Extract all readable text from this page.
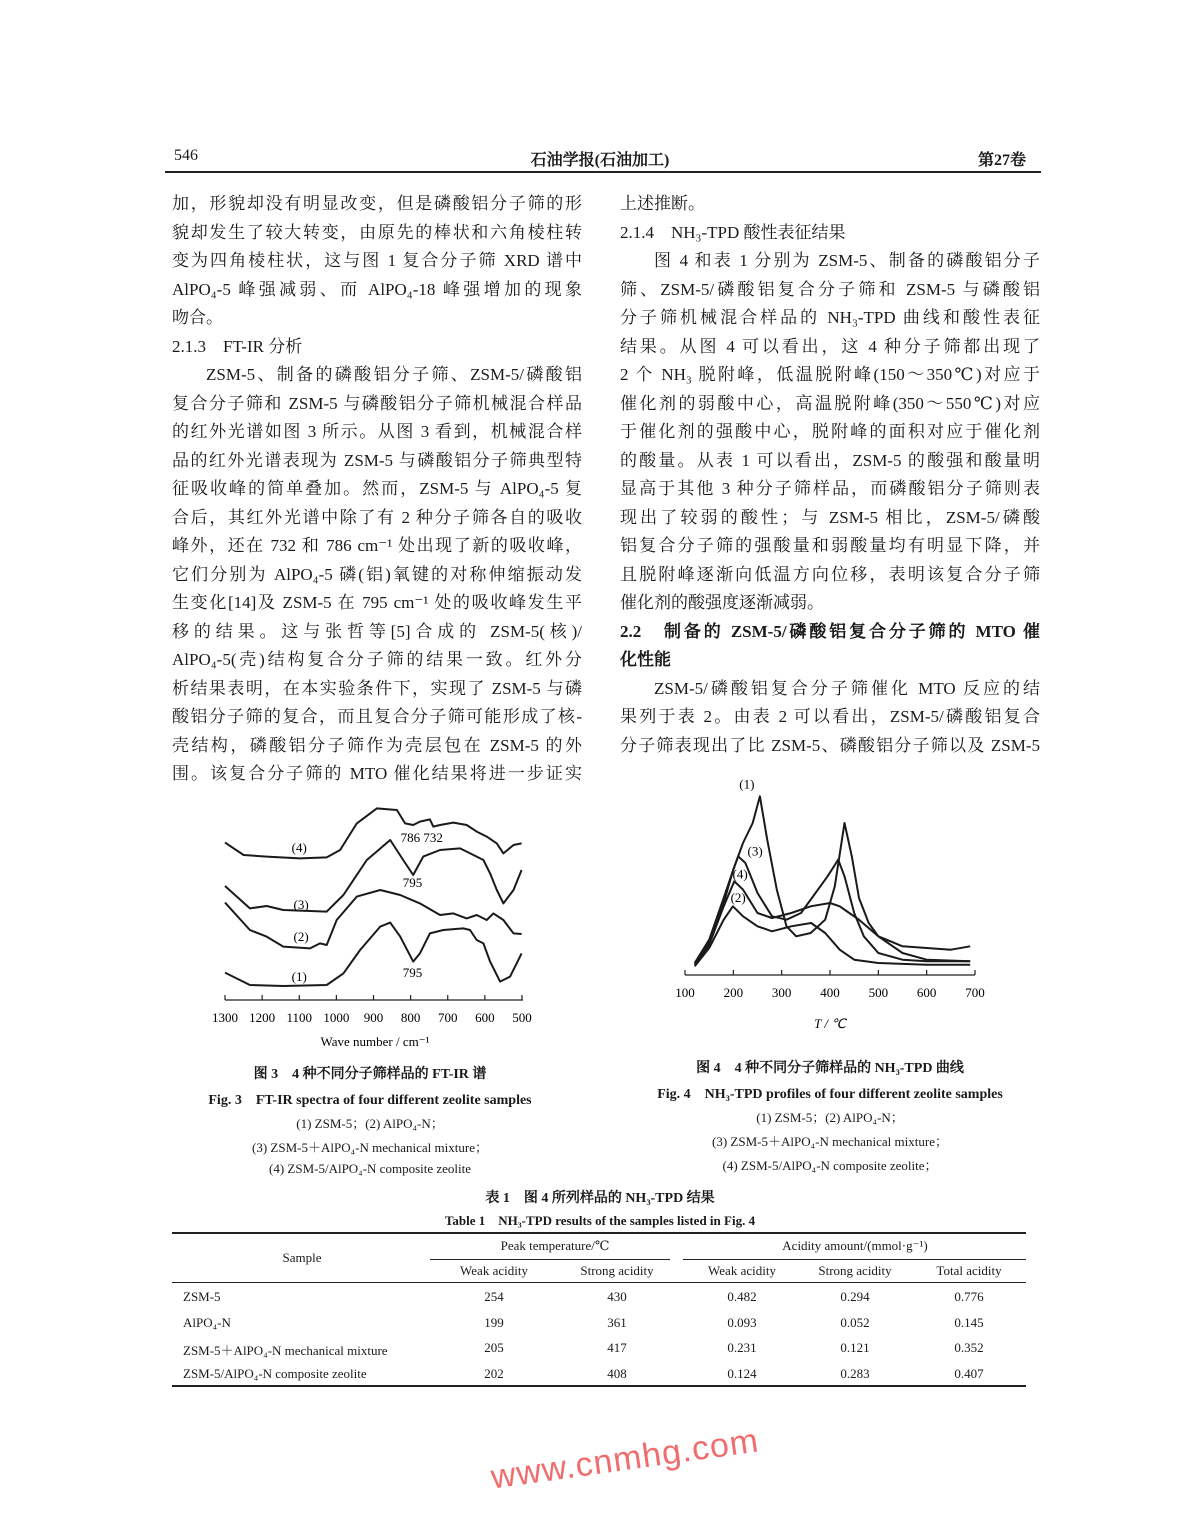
546	石油学报(石油加工)	第27卷
加，形貌却没有明显改变，但是磷酸铝分子筛的形
貌却发生了较大转变，由原先的棒状和六角棱柱转
变为四角棱柱状，这与图 1 复合分子筛 XRD 谱中
AlPO₄-5 峰强减弱、而 AlPO₄-18 峰强增加的现象
吻合。
2.1.3　FT-IR 分析
ZSM-5、制备的磷酸铝分子筛、ZSM-5/磷酸铝
复合分子筛和 ZSM-5 与磷酸铝分子筛机械混合样品
的红外光谱如图 3 所示。从图 3 看到，机械混合样
品的红外光谱表现为 ZSM-5 与磷酸铝分子筛典型特
征吸收峰的简单叠加。然而，ZSM-5 与 AlPO₄-5 复
合后，其红外光谱中除了有 2 种分子筛各自的吸收
峰外，还在 732 和 786 cm⁻¹ 处出现了新的吸收峰，
它们分别为 AlPO₄-5 磷(铝)氧键的对称伸缩振动发
生变化[14]及 ZSM-5 在 795 cm⁻¹ 处的吸收峰发生平
移的结果。这与张哲等[5]合成的 ZSM-5(核)/
AlPO₄-5(壳)结构复合分子筛的结果一致。红外分
析结果表明，在本实验条件下，实现了 ZSM-5 与磷
酸铝分子筛的复合，而且复合分子筛可能形成了核-
壳结构，磷酸铝分子筛作为壳层包在 ZSM-5 的外
围。该复合分子筛的 MTO 催化结果将进一步证实
上述推断。
2.1.4　NH₃-TPD 酸性表征结果
图 4 和表 1 分别为 ZSM-5、制备的磷酸铝分子
筛、ZSM-5/磷酸铝复合分子筛和 ZSM-5 与磷酸铝
分子筛机械混合样品的 NH₃-TPD 曲线和酸性表征
结果。从图 4 可以看出，这 4 种分子筛都出现了
2 个 NH₃ 脱附峰，低温脱附峰(150～350℃)对应于
催化剂的弱酸中心，高温脱附峰(350～550℃)对应
于催化剂的强酸中心，脱附峰的面积对应于催化剂
的酸量。从表 1 可以看出，ZSM-5 的酸强和酸量明
显高于其他 3 种分子筛样品，而磷酸铝分子筛则表
现出了较弱的酸性；与 ZSM-5 相比，ZSM-5/磷酸
铝复合分子筛的强酸量和弱酸量均有明显下降，并
且脱附峰逐渐向低温方向位移，表明该复合分子筛
催化剂的酸强度逐渐减弱。
2.2　制备的 ZSM-5/磷酸铝复合分子筛的 MTO 催
化性能
ZSM-5/磷酸铝复合分子筛催化 MTO 反应的结
果列于表 2。由表 2 可以看出，ZSM-5/磷酸铝复合
分子筛表现出了比 ZSM-5、磷酸铝分子筛以及 ZSM-5
1300 1200 1100 1000 900 800 700 600 500
Wave number / cm⁻¹
(4)
(3)
(2)
(1)
786 732
795
795
100 200 300 400 500 600 700
T / ℃
(1)
(3)
(4)
(2)
图 3　4 种不同分子筛样品的 FT-IR 谱
Fig. 3　FT-IR spectra of four different zeolite samples
(1) ZSM-5；(2) AlPO₄-N；
(3) ZSM-5＋AlPO₄-N mechanical mixture；
(4) ZSM-5/AlPO₄-N composite zeolite
图 4　4 种不同分子筛样品的 NH₃-TPD 曲线
Fig. 4　NH₃-TPD profiles of four different zeolite samples
(1) ZSM-5；(2) AlPO₄-N；
(3) ZSM-5＋AlPO₄-N mechanical mixture；
(4) ZSM-5/AlPO₄-N composite zeolite；
表 1　图 4 所列样品的 NH₃-TPD 结果
Table 1　NH₃-TPD results of the samples listed in Fig. 4
Sample
Peak temperature/℃	Acidity amount/(mmol·g⁻¹)
Weak acidity	Strong acidity	Weak acidity	Strong acidity	Total acidity
ZSM-5	254	430	0.482	0.294	0.776
AlPO₄-N	199	361	0.093	0.052	0.145
ZSM-5＋AlPO₄-N mechanical mixture	205	417	0.231	0.121	0.352
ZSM-5/AlPO₄-N composite zeolite	202	408	0.124	0.283	0.407
www.cnmhg.com
